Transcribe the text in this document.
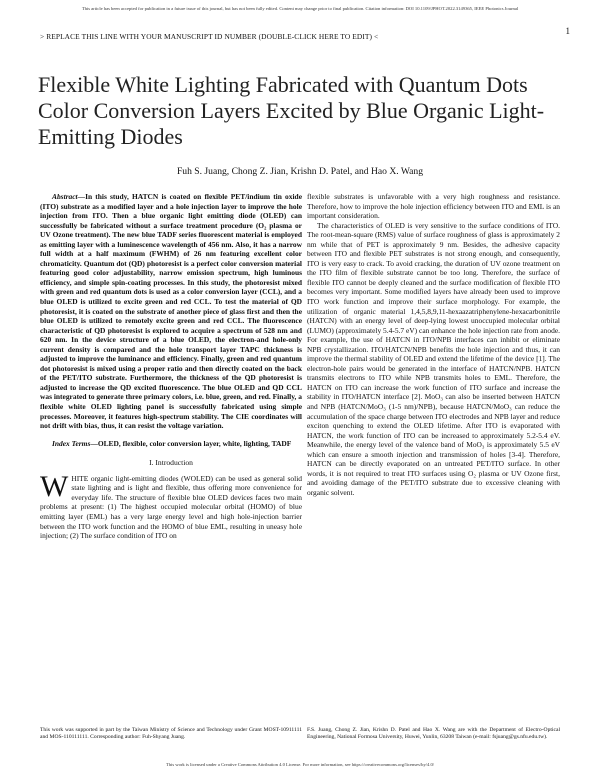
This article has been accepted for publication in a future issue of this journal, but has not been fully edited. Content may change prior to final publication. Citation information: DOI 10.1109/JPHOT.2022.3149365, IEEE Photonics Journal
1
> REPLACE THIS LINE WITH YOUR MANUSCRIPT ID NUMBER (DOUBLE-CLICK HERE TO EDIT) <
Flexible White Lighting Fabricated with Quantum Dots Color Conversion Layers Excited by Blue Organic Light-Emitting Diodes
Fuh S. Juang, Chong Z. Jian, Krishn D. Patel, and Hao X. Wang

Abstract—In this study, HATCN is coated on flexible PET/indium tin oxide (ITO) substrate as a modified layer and a hole injection layer to improve the hole injection from ITO. Then a blue organic light emitting diode (OLED) can successfully be fabricated without a surface treatment procedure (O₂ plasma or UV Ozone treatment). The new blue TADF series fluorescent material is employed as emitting layer with a luminescence wavelength of 456 nm. Also, it has a narrow full width at a half maximum (FWHM) of 26 nm featuring excellent color chromaticity. Quantum dot (QD) photoresist is a perfect color conversion material featuring good color adjustability, narrow emission spectrum, high luminous efficiency, and simple spin-coating processes. In this study, the photoresist mixed with green and red quantum dots is used as a color conversion layer (CCL), and a blue OLED is utilized to excite green and red CCL. To test the material of QD photoresist, it is coated on the substrate of another piece of glass first and then the blue OLED is utilized to remotely excite green and red CCL. The fluorescence characteristic of QD photoresist is explored to acquire a spectrum of 528 nm and 620 nm. In the device structure of a blue OLED, the electron-and hole-only current density is compared and the hole transport layer TAPC thickness is adjusted to improve the luminance and efficiency. Finally, green and red quantum dot photoresist is mixed using a proper ratio and then directly coated on the back of the PET/ITO substrate. Furthermore, the thickness of the QD photoresist is adjusted to increase the QD excited fluorescence. The blue OLED and QD CCL was integrated to generate three primary colors, i.e. blue, green, and red. Finally, a flexible white OLED lighting panel is successfully fabricated using simple processes. Moreover, it features high-spectrum stability. The CIE coordinates will not drift with bias, thus, it can resist the voltage variation.

Index Terms—OLED, flexible, color conversion layer, white, lighting, TADF

I. Introduction

WHITE organic light-emitting diodes (WOLED) can be used as general solid state lighting and is light and flexible, thus offering more convenience for everyday life. The structure of flexible blue OLED devices faces two main problems at present: (1) The highest occupied molecular orbital (HOMO) of blue emitting layer (EML) has a very large energy level and high hole-injection barrier between the ITO work function and the HOMO of blue EML, resulting in uneasy hole injection; (2) The surface condition of ITO on

flexible substrates is unfavorable with a very high roughness and resistance. Therefore, how to improve the hole injection efficiency between ITO and EML is an important consideration.

The characteristics of OLED is very sensitive to the surface conditions of ITO. The root-mean-square (RMS) value of surface roughness of glass is approximately 2 nm while that of PET is approximately 9 nm. Besides, the adhesive capacity between ITO and flexible PET substrates is not strong enough, and consequently, ITO is very easy to crack. To avoid cracking, the duration of UV ozone treatment on the ITO film of flexible substrate cannot be too long. Therefore, the surface of flexible ITO cannot be deeply cleaned and the surface modification of flexible ITO becomes very important. Some modified layers have already been used to improve ITO work function and improve their surface morphology. For example, the utilization of organic material 1,4,5,8,9,11-hexaazatriphenylene-hexacarbonitrile (HATCN) with an energy level of deep-lying lowest unoccupied molecular orbital (LUMO) (approximately 5.4-5.7 eV) can enhance the hole injection rate from anode. For example, the use of HATCN in ITO/NPB interfaces can inhibit or eliminate NPB crystallization. ITO/HATCN/NPB benefits the hole injection and thus, it can improve the thermal stability of OLED and extend the lifetime of the device [1]. The electron-hole pairs would be generated in the interface of HATCN/NPB. HATCN transmits electrons to ITO while NPB transmits holes to EML. Therefore, the HATCN on ITO can increase the work function of ITO surface and increase the stability in ITO/HATCN interface [2]. MoO₃ can also be inserted between HATCN and NPB (HATCN/MoO₃ (1-5 nm)/NPB), because HATCN/MoO₃ can reduce the accumulation of the space charge between ITO electrodes and NPB layer and reduce exciton quenching to extend the OLED lifetime. After ITO is evaporated with HATCN, the work function of ITO can be increased to approximately 5.2-5.4 eV. Meanwhile, the energy level of the valence band of MoO₃ is approximately 5.5 eV which can ensure a smooth injection and transmission of holes [3-4]. Therefore, HATCN can be directly evaporated on an untreated PET/ITO surface. In other words, it is not required to treat ITO surfaces using O₂ plasma or UV Ozone first, and avoiding damage of the PET/ITO substrate due to excessive cleaning with organic solvent.

This work was supported in part by the Taiwan Ministry of Science and Technology under Grant MOST-10911111 and MOS-110111111. Corresponding author: Fuh-Shyang Juang.
F.S. Juang, Chong Z. Jian, Krishn D. Patel and Hao X. Wang are with the Department of Electro-Optical Engineering, National Formosa University, Huwei, Yunlin, 63208 Taiwan (e-mail: fsjuang@gs.nfu.edu.tw).
This work is licensed under a Creative Commons Attribution 4.0 License. For more information, see https://creativecommons.org/licenses/by/4.0/
